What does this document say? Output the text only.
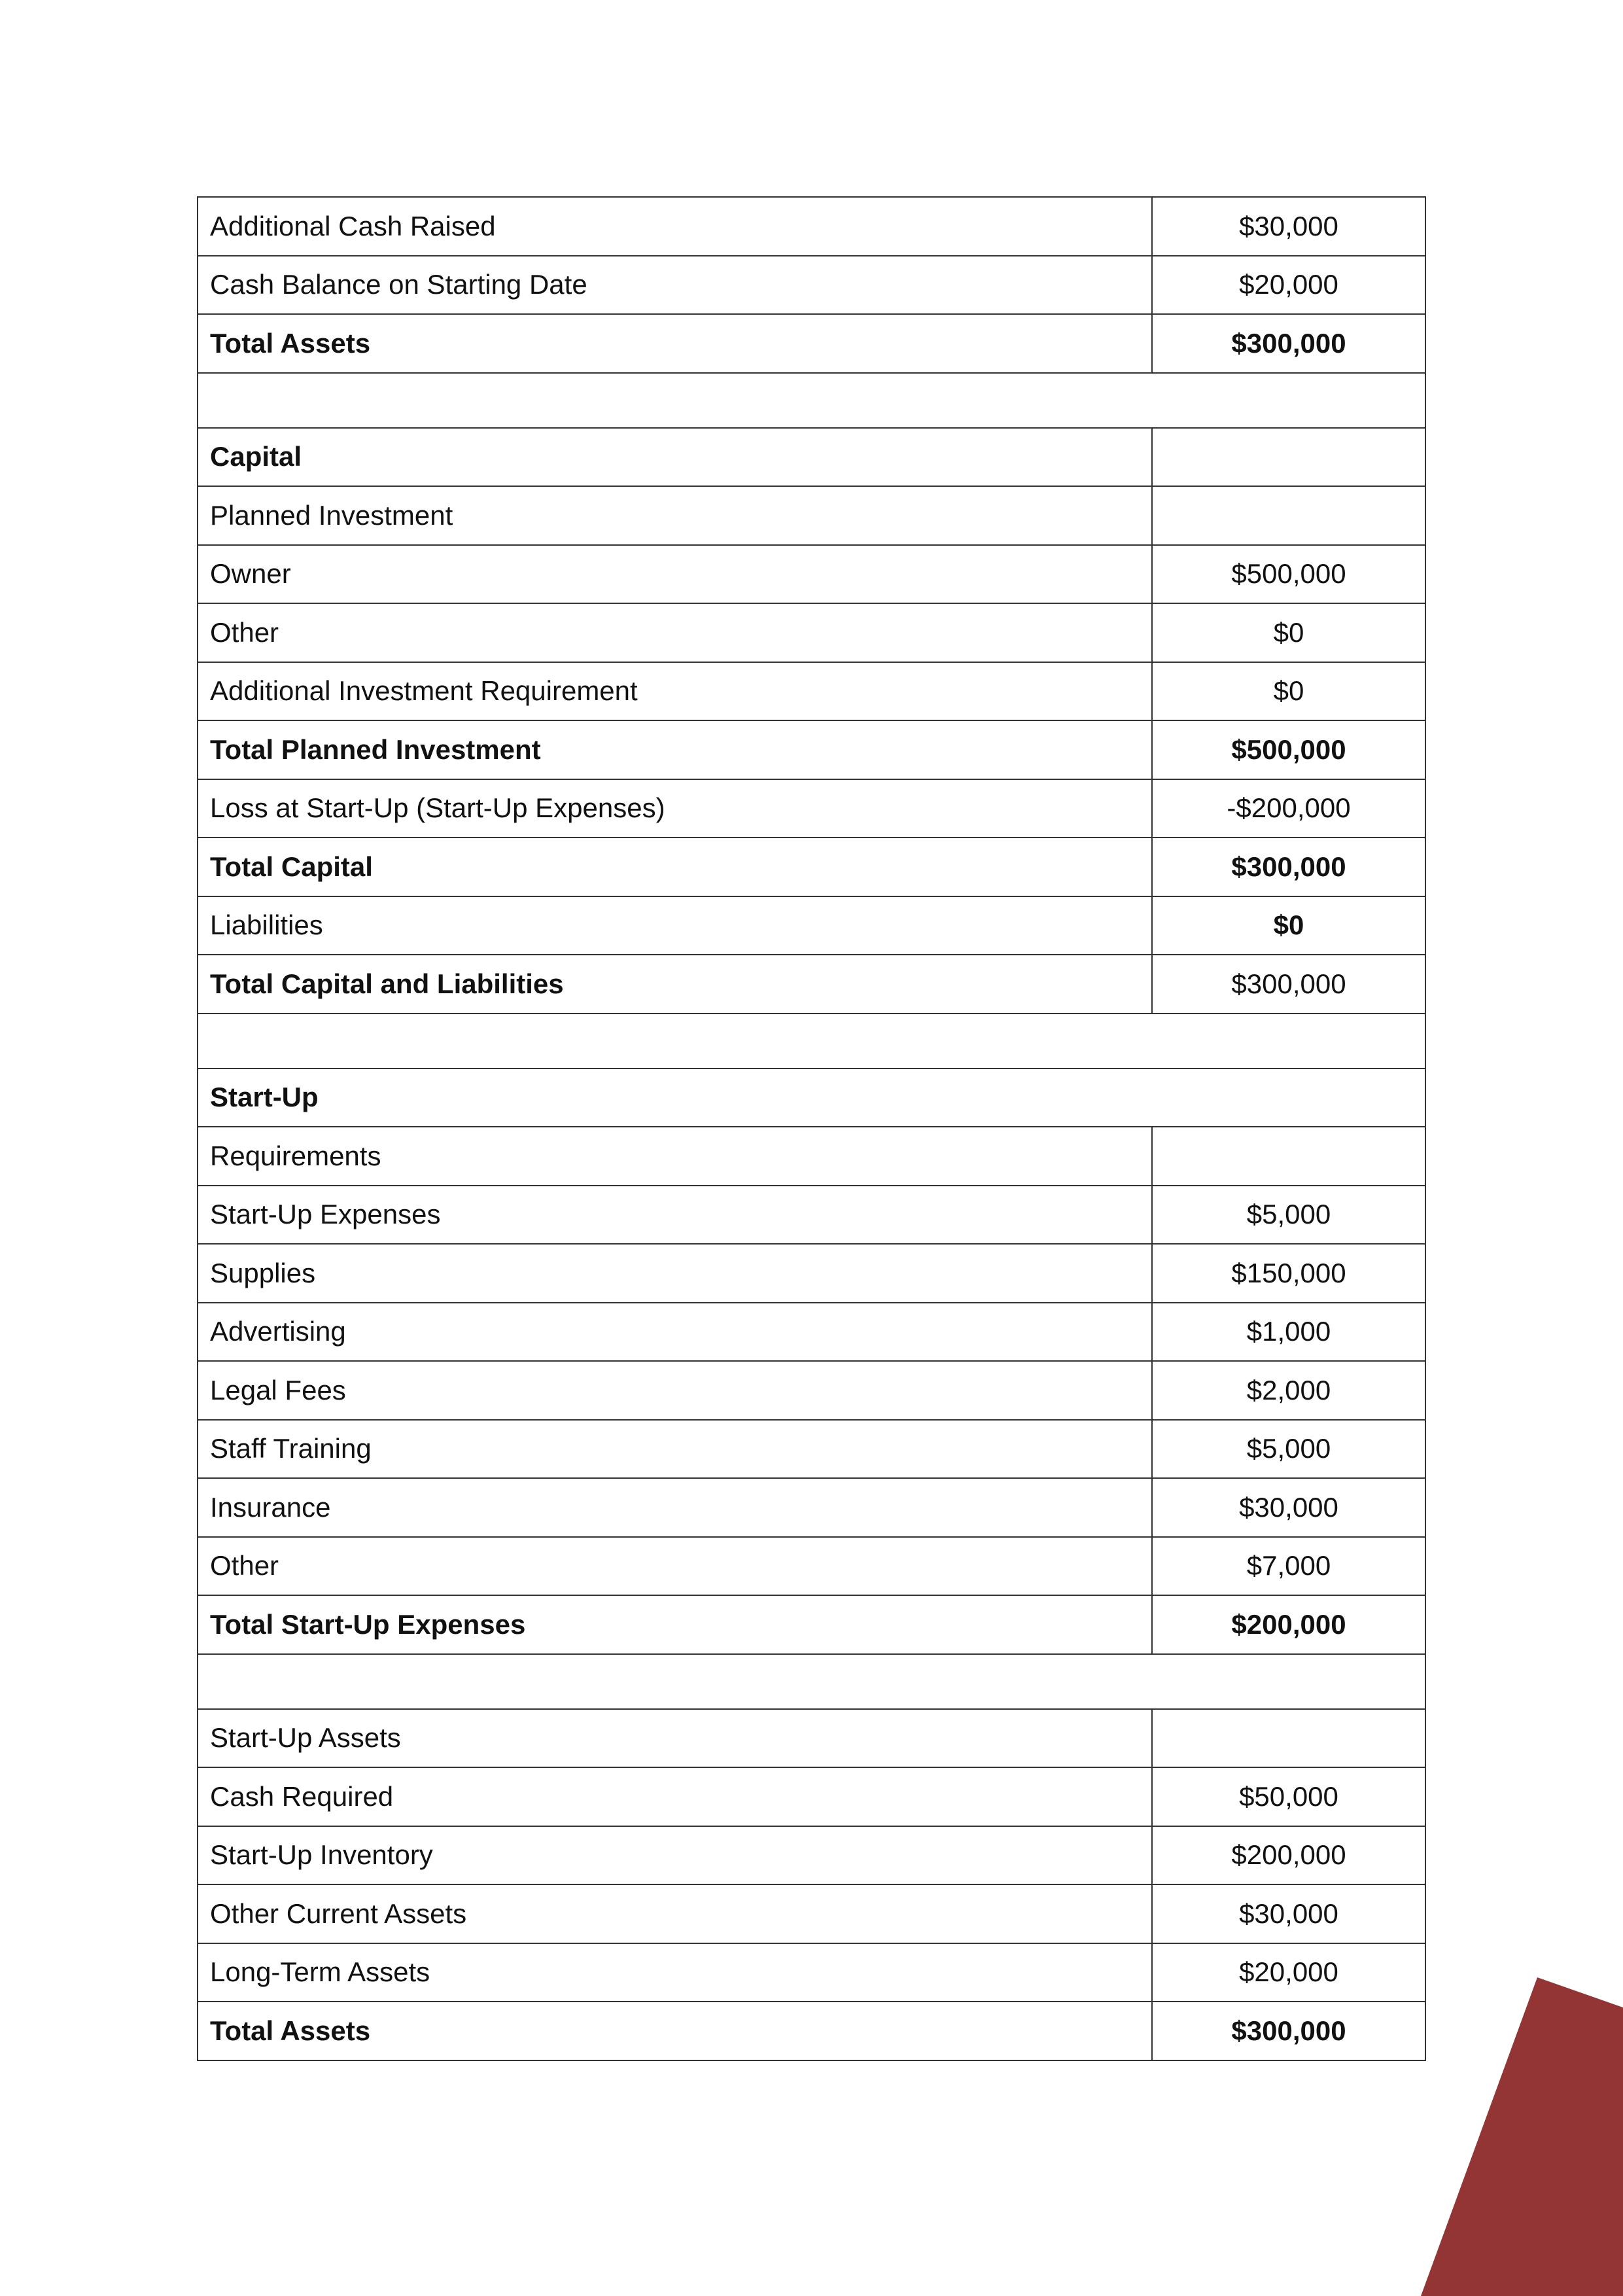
Additional Cash Raised	$30,000
Cash Balance on Starting Date	$20,000
Total Assets	$300,000

Capital	
Planned Investment	
Owner	$500,000
Other	$0
Additional Investment Requirement	$0
Total Planned Investment	$500,000
Loss at Start-Up (Start-Up Expenses)	-$200,000
Total Capital	$300,000
Liabilities	$0
Total Capital and Liabilities	$300,000

Start-Up	
Requirements	
Start-Up Expenses	$5,000
Supplies	$150,000
Advertising	$1,000
Legal Fees	$2,000
Staff Training	$5,000
Insurance	$30,000
Other	$7,000
Total Start-Up Expenses	$200,000

Start-Up Assets	
Cash Required	$50,000
Start-Up Inventory	$200,000
Other Current Assets	$30,000
Long-Term Assets	$20,000
Total Assets	$300,000
